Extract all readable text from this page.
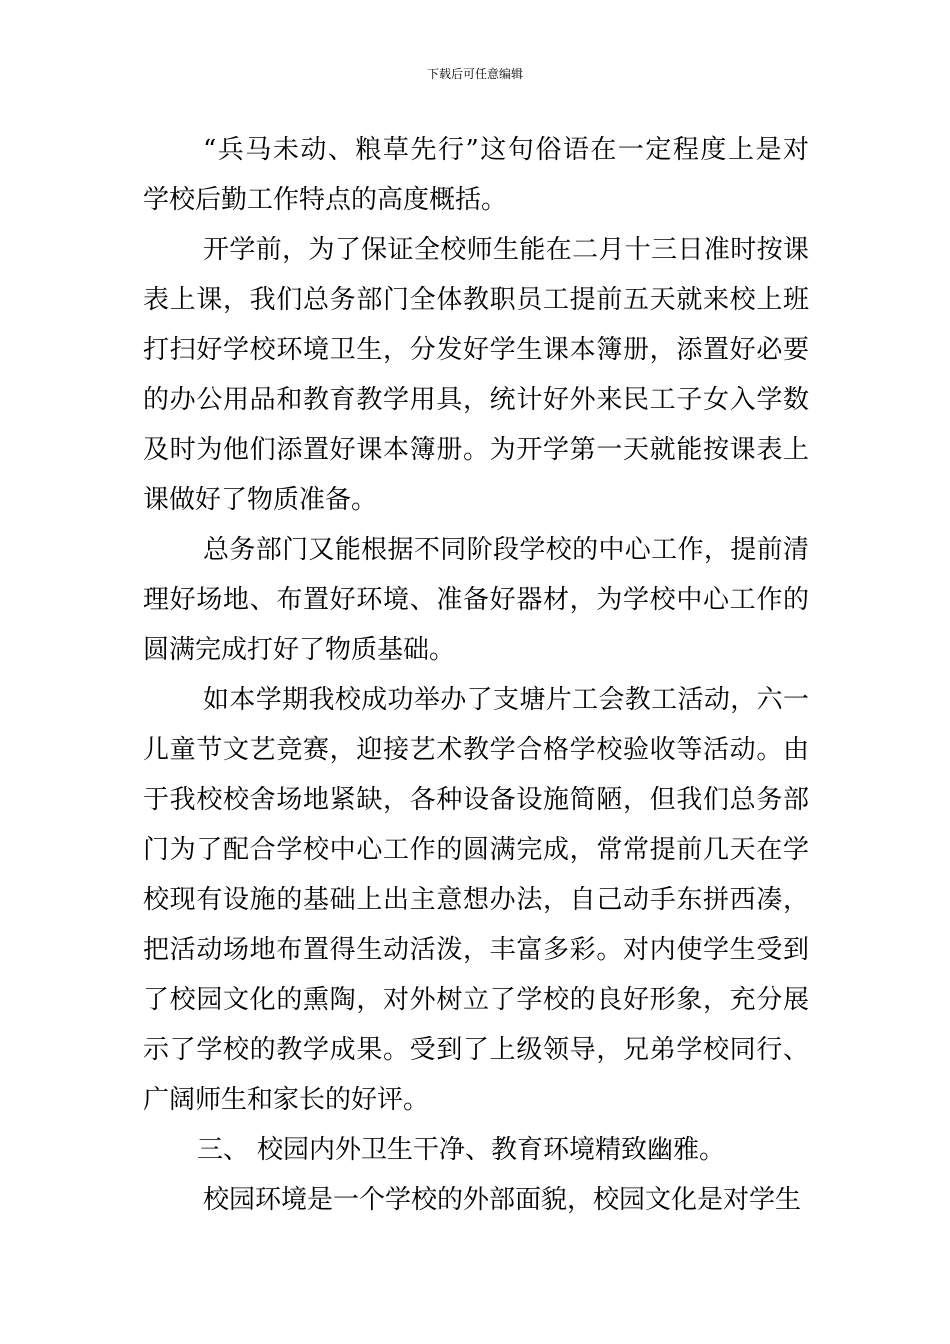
下载后可任意编辑
“兵马未动、粮草先行”这句俗语在一定程度上是对
学校后勤工作特点的高度概括。
开学前，为了保证全校师生能在二月十三日准时按课
表上课，我们总务部门全体教职员工提前五天就来校上班
打扫好学校环境卫生，分发好学生课本簿册，添置好必要
的办公用品和教育教学用具，统计好外来民工子女入学数
及时为他们添置好课本簿册。为开学第一天就能按课表上
课做好了物质准备。
总务部门又能根据不同阶段学校的中心工作，提前清
理好场地、布置好环境、准备好器材，为学校中心工作的
圆满完成打好了物质基础。
如本学期我校成功举办了支塘片工会教工活动，六一
儿童节文艺竞赛，迎接艺术教学合格学校验收等活动。由
于我校校舍场地紧缺，各种设备设施简陋，但我们总务部
门为了配合学校中心工作的圆满完成，常常提前几天在学
校现有设施的基础上出主意想办法，自己动手东拼西凑，
把活动场地布置得生动活泼，丰富多彩。对内使学生受到
了校园文化的熏陶，对外树立了学校的良好形象，充分展
示了学校的教学成果。受到了上级领导，兄弟学校同行、
广阔师生和家长的好评。
三、 校园内外卫生干净、教育环境精致幽雅。
校园环境是一个学校的外部面貌，校园文化是对学生
